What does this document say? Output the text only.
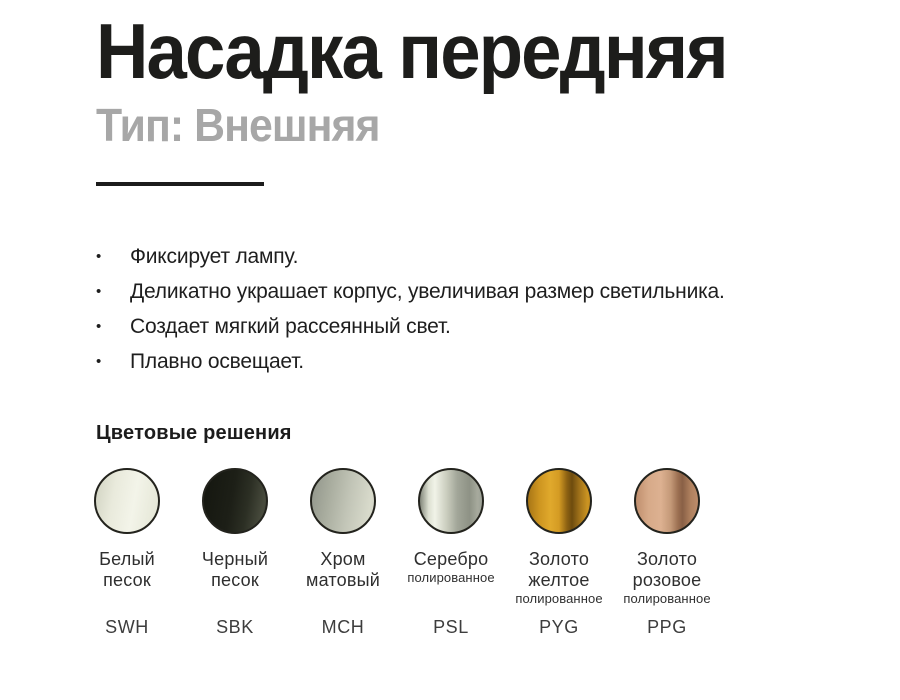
Насадка передняя
Тип: Внешняя
•	Фиксирует лампу.
•	Деликатно украшает корпус, увеличивая размер светильника.
•	Создает мягкий рассеянный свет.
•	Плавно освещает.
Цветовые решения
Белый
песок
SWH
Черный
песок
SBK
Хром
матовый
MCH
Серебро
полированное
PSL
Золото
желтое
полированное
PYG
Золото
розовое
полированное
PPG
